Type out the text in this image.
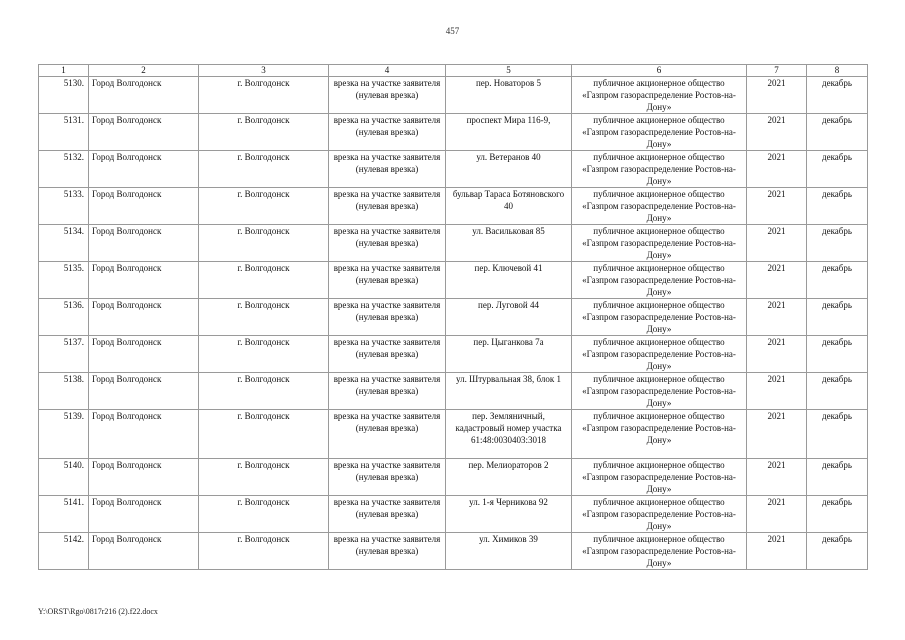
457
1	2	3	4	5	6	7	8
5130.	Город Волгодонск	г. Волгодонск	врезка на участке заявителя (нулевая врезка)	пер. Новаторов 5	публичное акционерное общество «Газпром газораспределение Ростов-на-Дону»	2021	декабрь
5131.	Город Волгодонск	г. Волгодонск	врезка на участке заявителя (нулевая врезка)	проспект Мира 116-9,	публичное акционерное общество «Газпром газораспределение Ростов-на-Дону»	2021	декабрь
5132.	Город Волгодонск	г. Волгодонск	врезка на участке заявителя (нулевая врезка)	ул. Ветеранов 40	публичное акционерное общество «Газпром газораспределение Ростов-на-Дону»	2021	декабрь
5133.	Город Волгодонск	г. Волгодонск	врезка на участке заявителя (нулевая врезка)	бульвар Тараса Ботяновского 40	публичное акционерное общество «Газпром газораспределение Ростов-на-Дону»	2021	декабрь
5134.	Город Волгодонск	г. Волгодонск	врезка на участке заявителя (нулевая врезка)	ул. Васильковая 85	публичное акционерное общество «Газпром газораспределение Ростов-на-Дону»	2021	декабрь
5135.	Город Волгодонск	г. Волгодонск	врезка на участке заявителя (нулевая врезка)	пер. Ключевой 41	публичное акционерное общество «Газпром газораспределение Ростов-на-Дону»	2021	декабрь
5136.	Город Волгодонск	г. Волгодонск	врезка на участке заявителя (нулевая врезка)	пер. Луговой 44	публичное акционерное общество «Газпром газораспределение Ростов-на-Дону»	2021	декабрь
5137.	Город Волгодонск	г. Волгодонск	врезка на участке заявителя (нулевая врезка)	пер. Цыганкова 7а	публичное акционерное общество «Газпром газораспределение Ростов-на-Дону»	2021	декабрь
5138.	Город Волгодонск	г. Волгодонск	врезка на участке заявителя (нулевая врезка)	ул. Штурвальная 38, блок 1	публичное акционерное общество «Газпром газораспределение Ростов-на-Дону»	2021	декабрь
5139.	Город Волгодонск	г. Волгодонск	врезка на участке заявителя (нулевая врезка)	пер. Земляничный, кадастровый номер участка 61:48:0030403:3018	публичное акционерное общество «Газпром газораспределение Ростов-на-Дону»	2021	декабрь
5140.	Город Волгодонск	г. Волгодонск	врезка на участке заявителя (нулевая врезка)	пер. Мелиораторов 2	публичное акционерное общество «Газпром газораспределение Ростов-на-Дону»	2021	декабрь
5141.	Город Волгодонск	г. Волгодонск	врезка на участке заявителя (нулевая врезка)	ул. 1-я Черникова 92	публичное акционерное общество «Газпром газораспределение Ростов-на-Дону»	2021	декабрь
5142.	Город Волгодонск	г. Волгодонск	врезка на участке заявителя (нулевая врезка)	ул. Химиков 39	публичное акционерное общество «Газпром газораспределение Ростов-на-Дону»	2021	декабрь
Y:\ORST\Rgo\0817r216 (2).f22.docx
